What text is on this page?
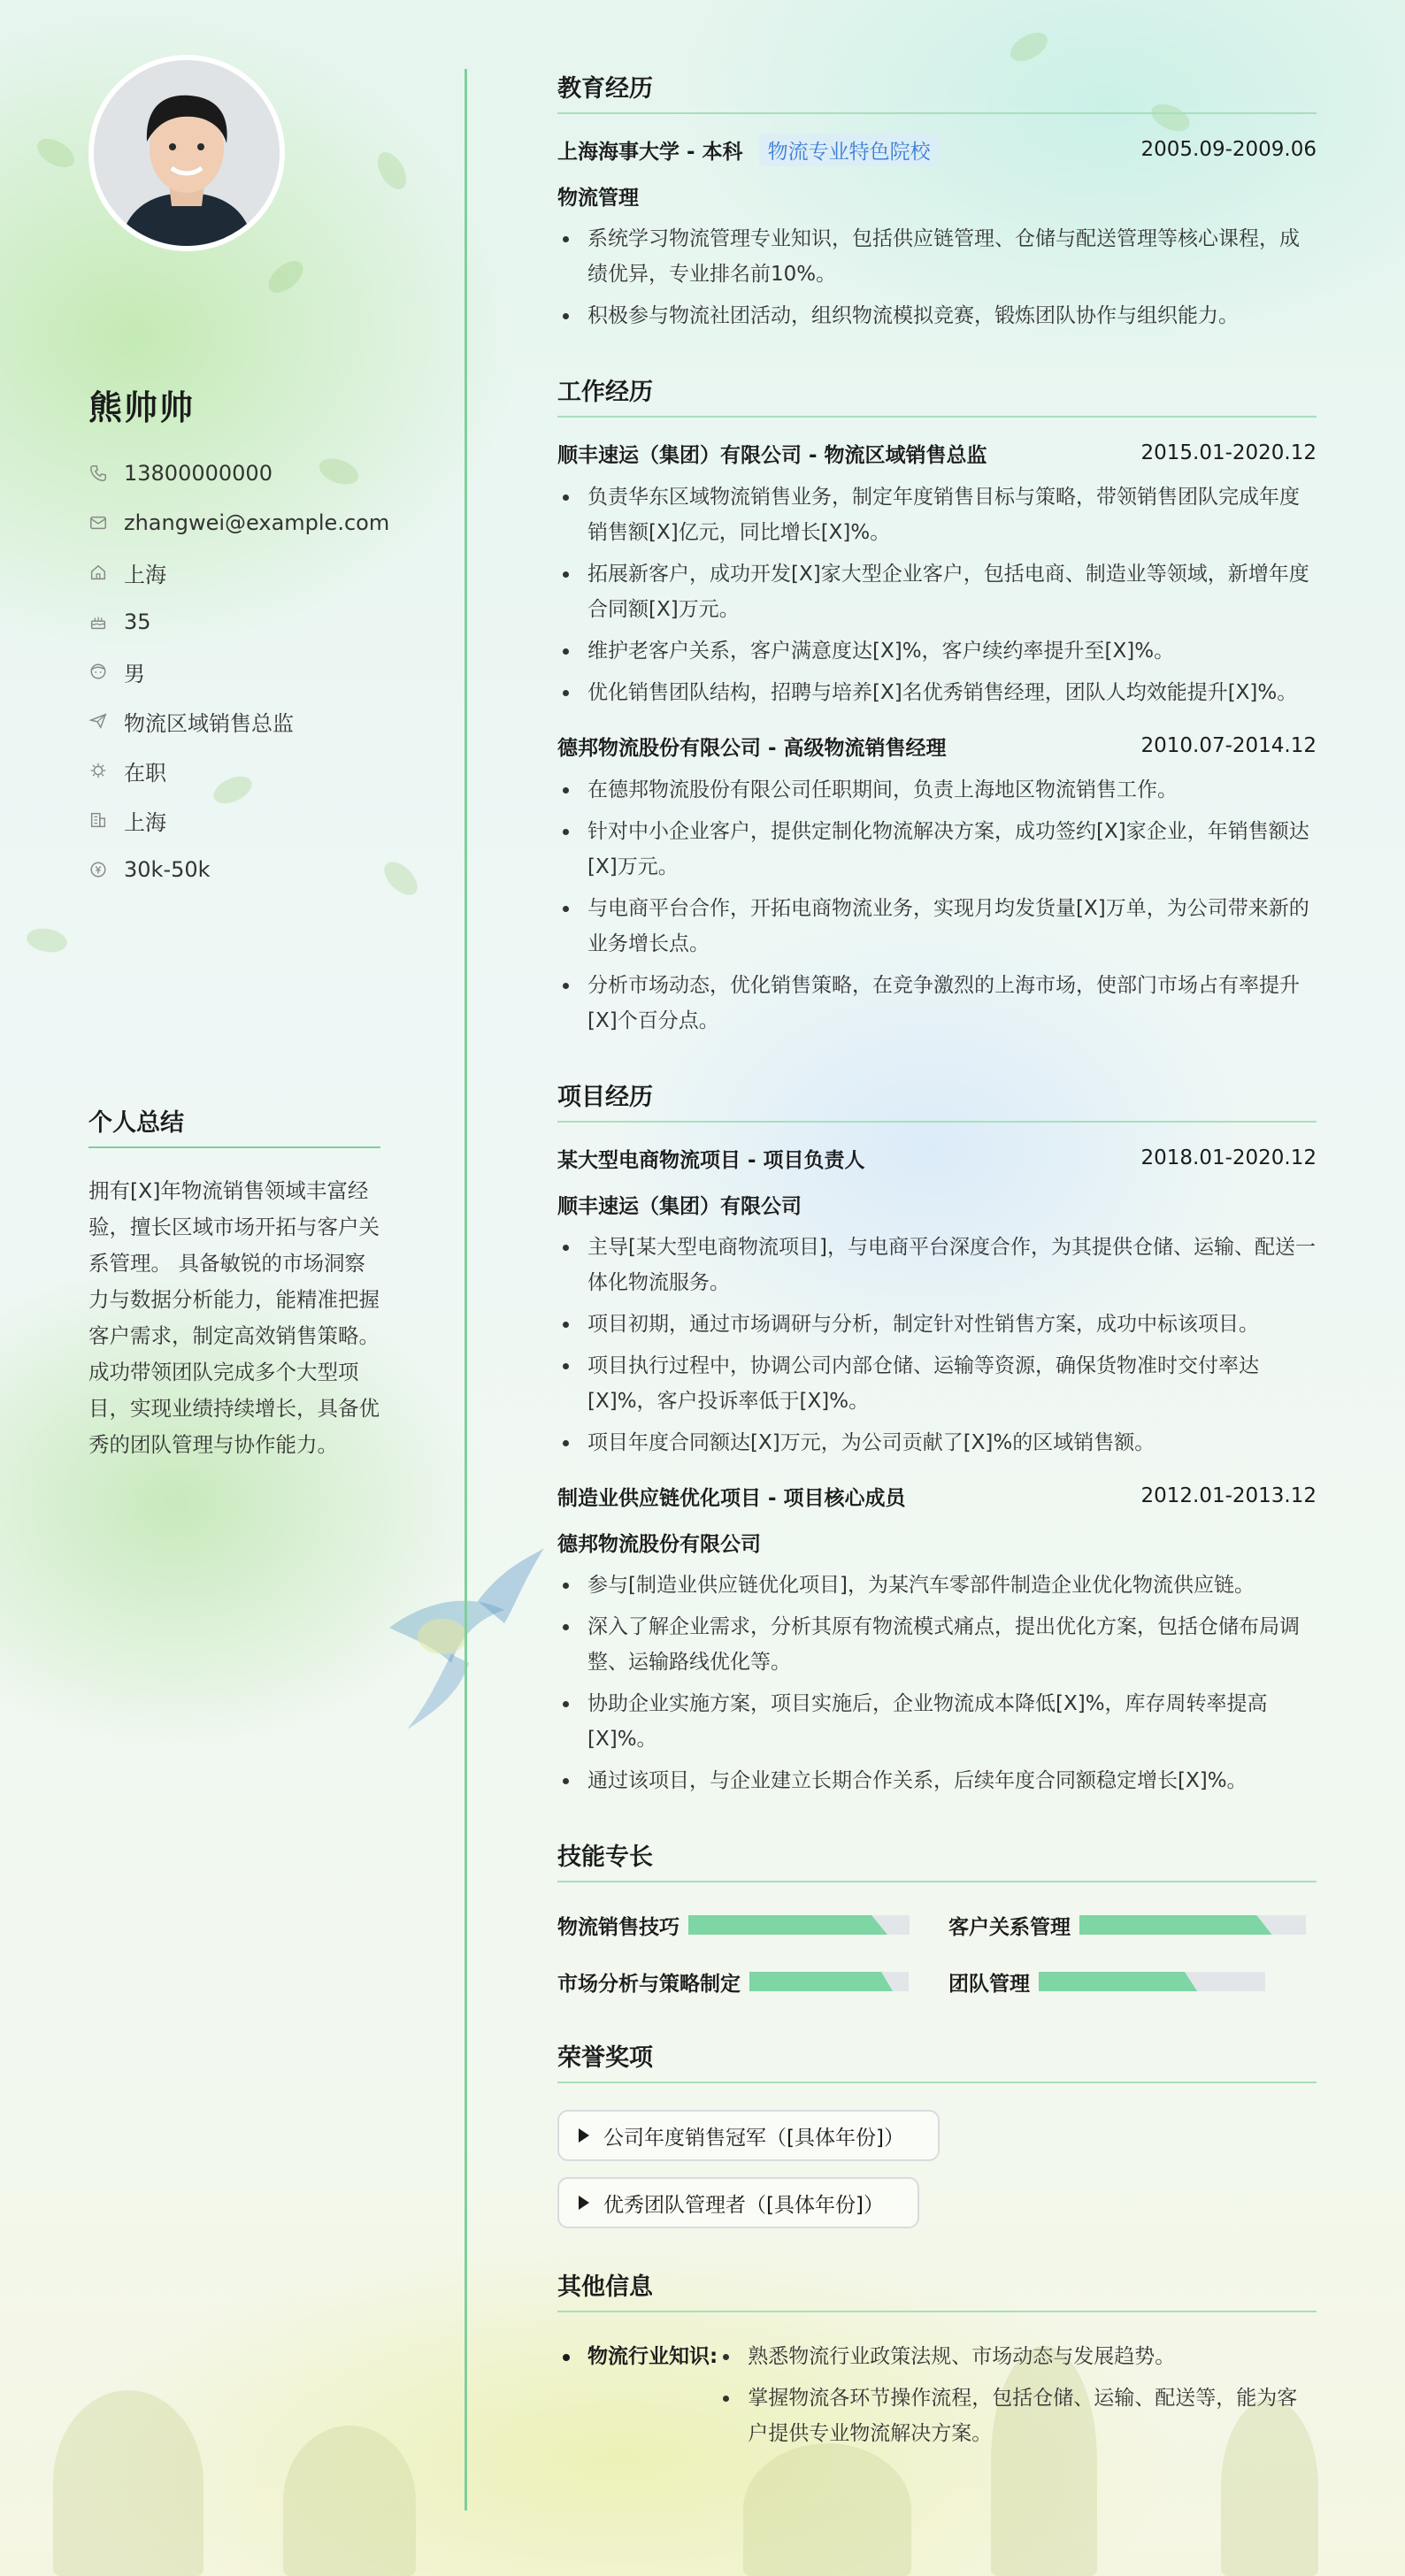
熊帅帅
13800000000
zhangwei@example.com
上海
35
男
物流区域销售总监
在职
上海
30k-50k
个人总结
拥有[X]年物流销售领域丰富经验，擅长区域市场开拓与客户关系管理。 具备敏锐的市场洞察力与数据分析能力，能精准把握客户需求，制定高效销售策略。 成功带领团队完成多个大型项目，实现业绩持续增长，具备优秀的团队管理与协作能力。
教育经历
上海海事大学 - 本科 物流专业特色院校	2005.09-2009.06
物流管理
系统学习物流管理专业知识，包括供应链管理、仓储与配送管理等核心课程，成绩优异，专业排名前10%。
积极参与物流社团活动，组织物流模拟竞赛，锻炼团队协作与组织能力。
工作经历
顺丰速运（集团）有限公司 - 物流区域销售总监	2015.01-2020.12
负责华东区域物流销售业务，制定年度销售目标与策略，带领销售团队完成年度销售额[X]亿元，同比增长[X]%。
拓展新客户，成功开发[X]家大型企业客户，包括电商、制造业等领域，新增年度合同额[X]万元。
维护老客户关系，客户满意度达[X]%，客户续约率提升至[X]%。
优化销售团队结构，招聘与培养[X]名优秀销售经理，团队人均效能提升[X]%。
德邦物流股份有限公司 - 高级物流销售经理	2010.07-2014.12
在德邦物流股份有限公司任职期间，负责上海地区物流销售工作。
针对中小企业客户，提供定制化物流解决方案，成功签约[X]家企业，年销售额达[X]万元。
与电商平台合作，开拓电商物流业务，实现月均发货量[X]万单，为公司带来新的业务增长点。
分析市场动态，优化销售策略，在竞争激烈的上海市场，使部门市场占有率提升[X]个百分点。
项目经历
某大型电商物流项目 - 项目负责人	2018.01-2020.12
顺丰速运（集团）有限公司
主导[某大型电商物流项目]，与电商平台深度合作，为其提供仓储、运输、配送一体化物流服务。
项目初期，通过市场调研与分析，制定针对性销售方案，成功中标该项目。
项目执行过程中，协调公司内部仓储、运输等资源，确保货物准时交付率达[X]%，客户投诉率低于[X]%。
项目年度合同额达[X]万元，为公司贡献了[X]%的区域销售额。
制造业供应链优化项目 - 项目核心成员	2012.01-2013.12
德邦物流股份有限公司
参与[制造业供应链优化项目]，为某汽车零部件制造企业优化物流供应链。
深入了解企业需求，分析其原有物流模式痛点，提出优化方案，包括仓储布局调整、运输路线优化等。
协助企业实施方案，项目实施后，企业物流成本降低[X]%，库存周转率提高[X]%。
通过该项目，与企业建立长期合作关系，后续年度合同额稳定增长[X]%。
技能专长
物流销售技巧	客户关系管理
市场分析与策略制定	团队管理
荣誉奖项
公司年度销售冠军（[具体年份]）
优秀团队管理者（[具体年份]）
其他信息
物流行业知识:	熟悉物流行业政策法规、市场动态与发展趋势。
掌握物流各环节操作流程，包括仓储、运输、配送等，能为客户提供专业物流解决方案。
